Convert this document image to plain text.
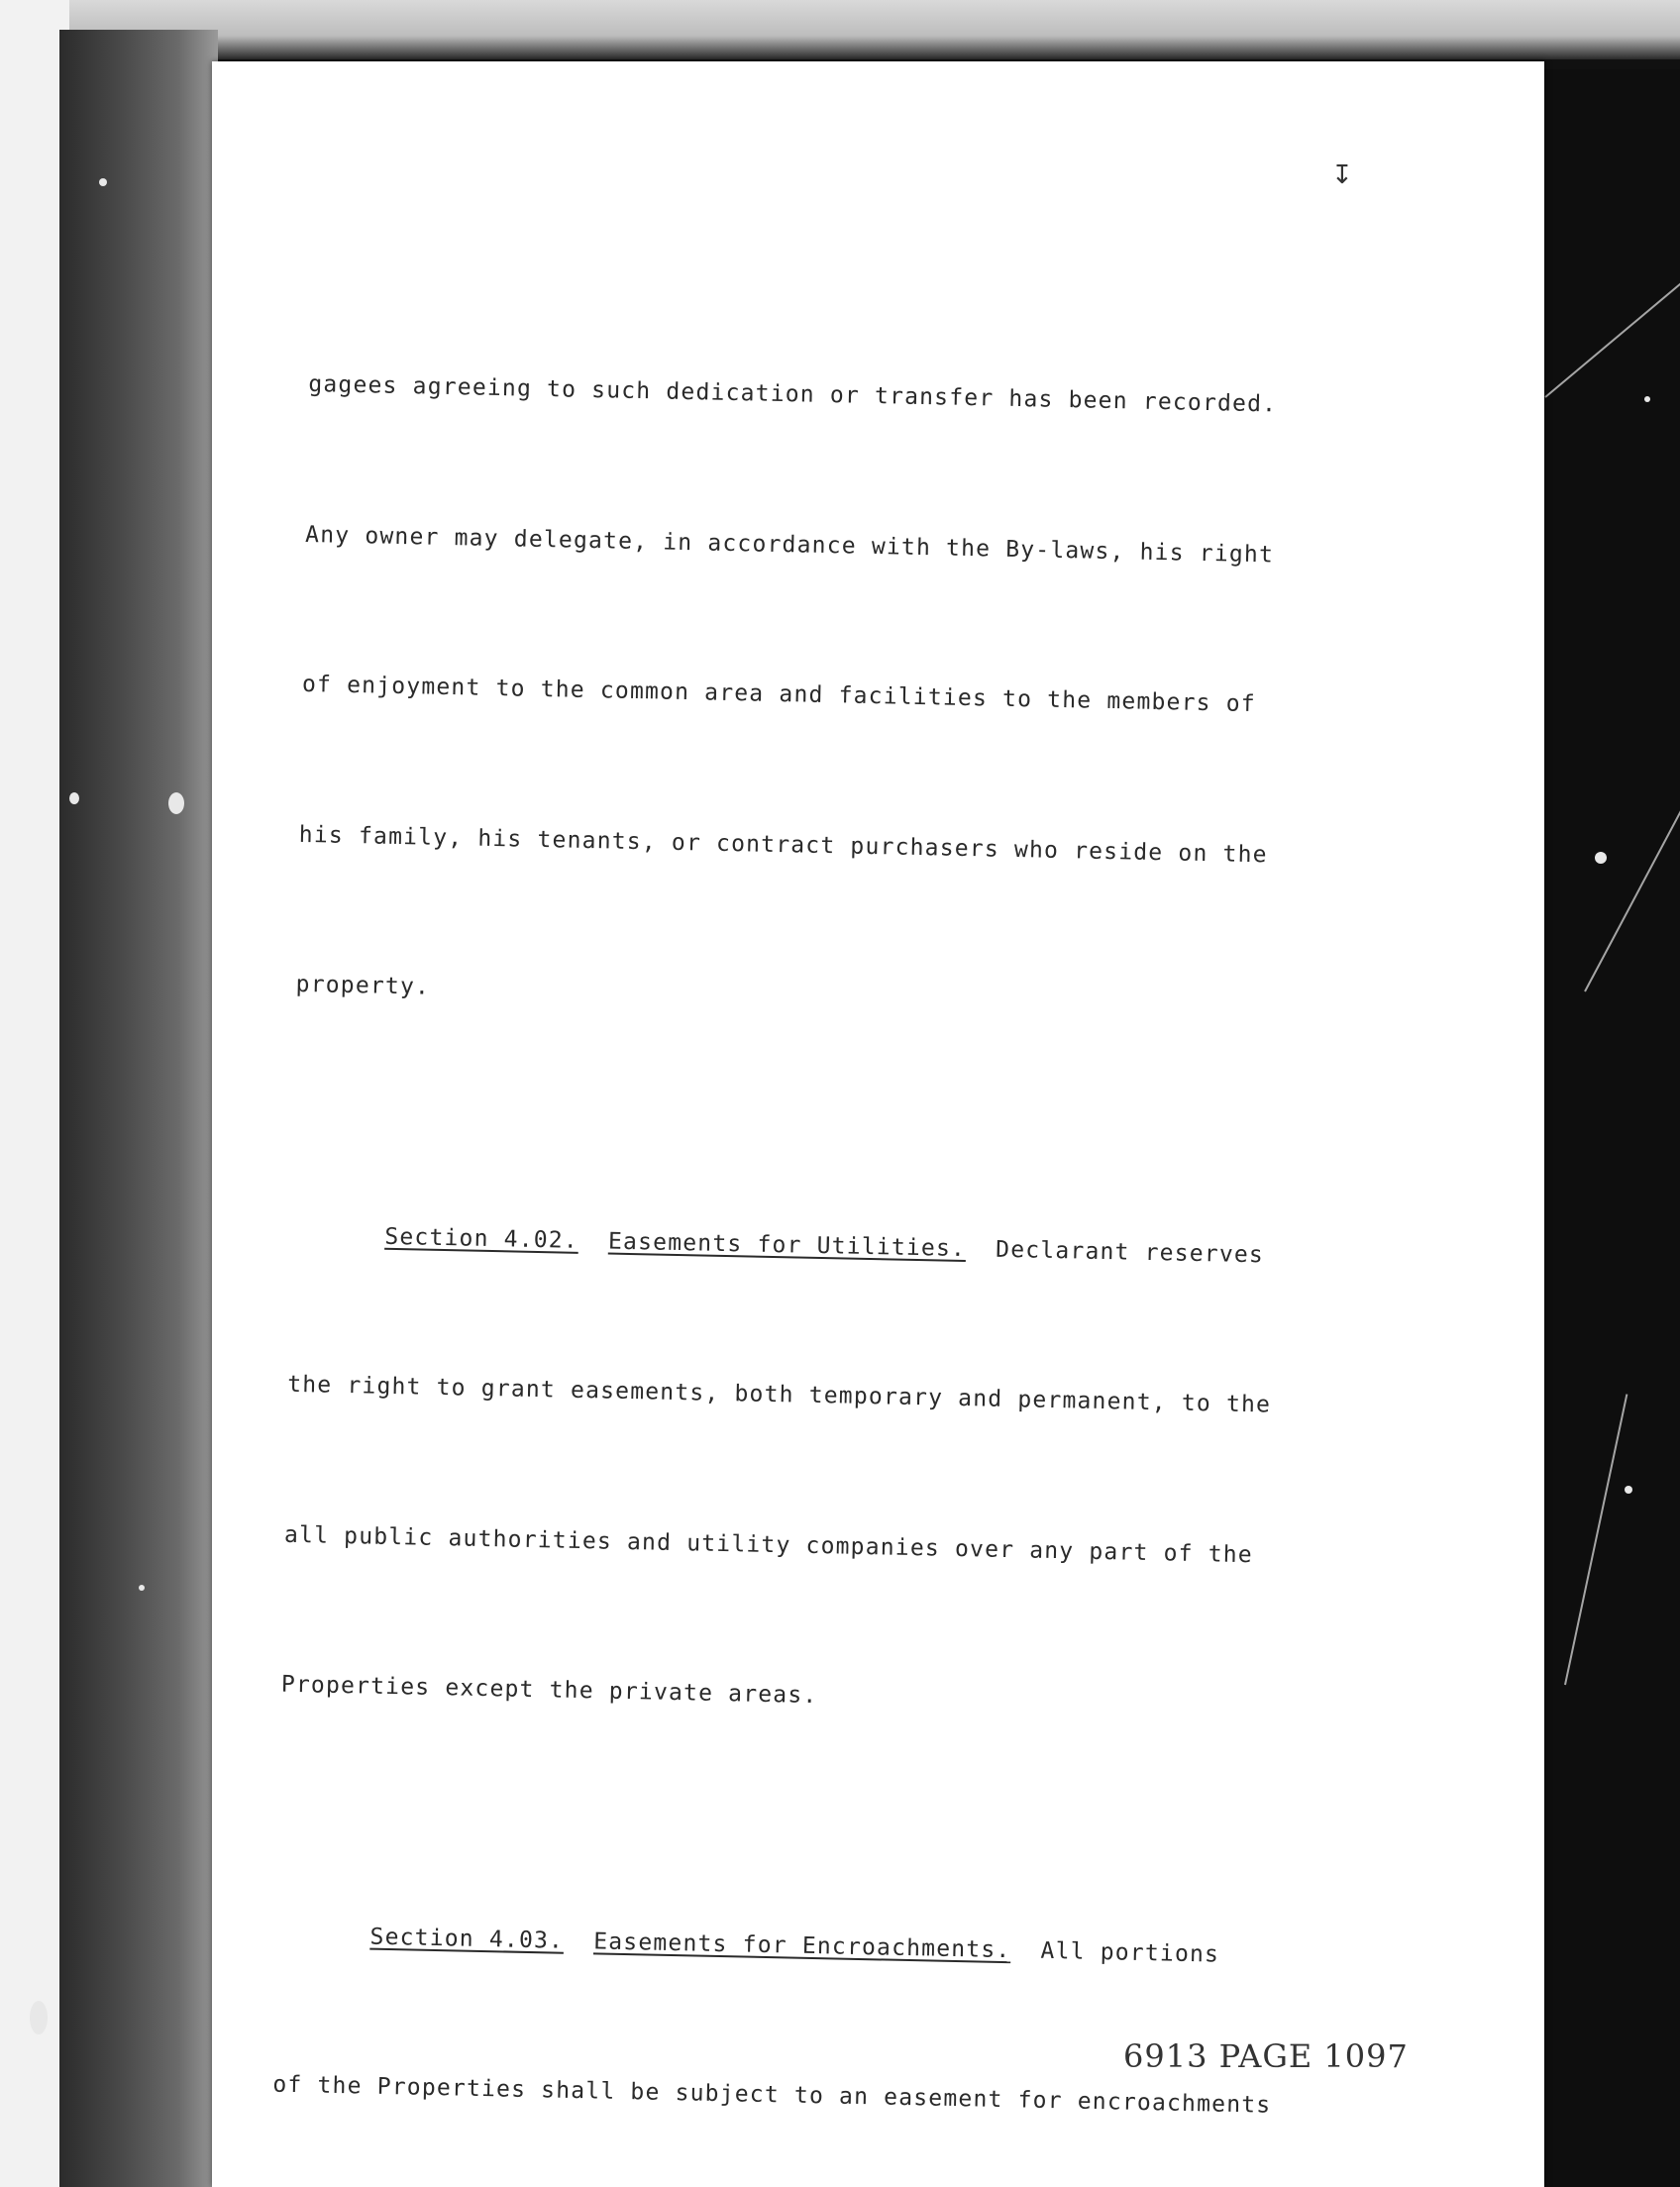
↧

gagees agreeing to such dedication or transfer has been recorded.

Any owner may delegate, in accordance with the By-laws, his right

of enjoyment to the common area and facilities to the members of

his family, his tenants, or contract purchasers who reside on the

property.

Section 4.02. Easements for Utilities. Declarant reserves

the right to grant easements, both temporary and permanent, to the

all public authorities and utility companies over any part of the

Properties except the private areas.

Section 4.03. Easements for Encroachments. All portions

of the Properties shall be subject to an easement for encroachments

6913 PAGE 1097
